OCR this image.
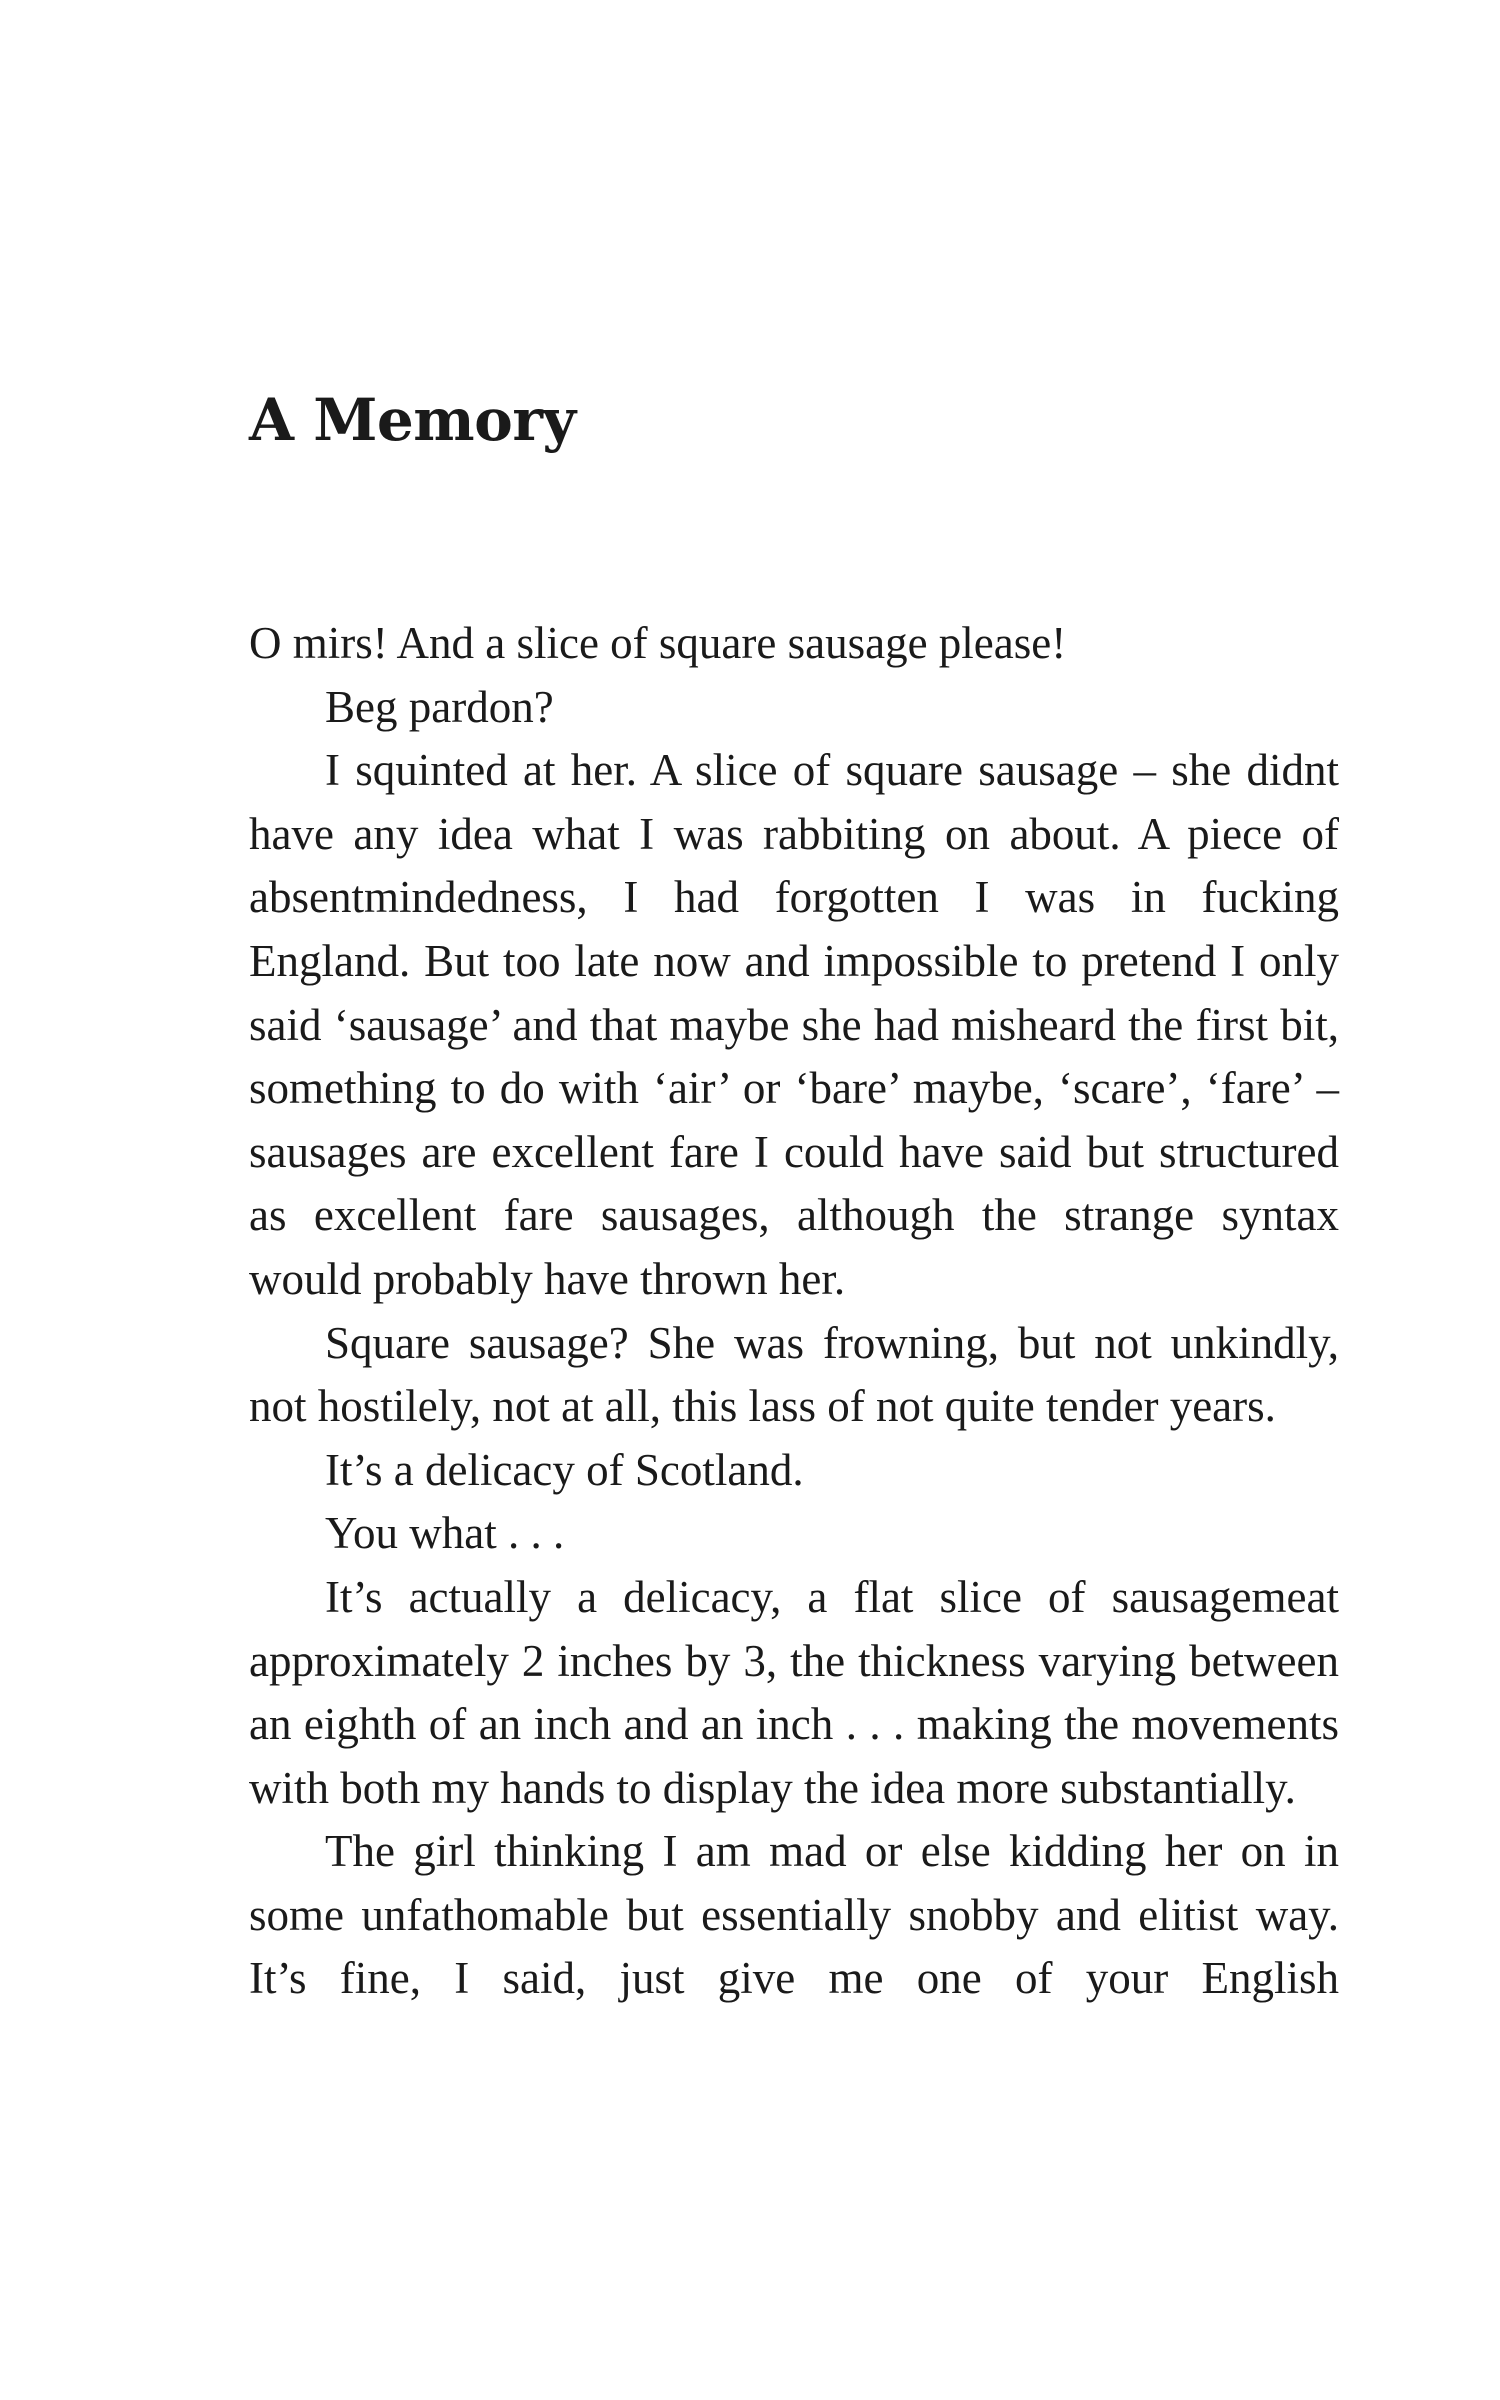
A Memory

O mirs! And a slice of square sausage please!

Beg pardon?

I squinted at her. A slice of square sausage – she didnt have any idea what I was rabbiting on about. A piece of absentmindedness, I had forgotten I was in fucking England. But too late now and impossible to pretend I only said ‘sausage’ and that maybe she had misheard the first bit, something to do with ‘air’ or ‘bare’ maybe, ‘scare’, ‘fare’ – sausages are excellent fare I could have said but structured as excellent fare sausages, although the strange syntax would probably have thrown her.

Square sausage? She was frowning, but not unkindly, not hostilely, not at all, this lass of not quite tender years.

It’s a delicacy of Scotland.

You what . . .

It’s actually a delicacy, a flat slice of sausagemeat approximately 2 inches by 3, the thickness varying between an eighth of an inch and an inch . . . making the movements with both my hands to display the idea more substantially.

The girl thinking I am mad or else kidding her on in some unfathomable but essentially snobby and elitist way. It’s fine, I said, just give me one of your English
